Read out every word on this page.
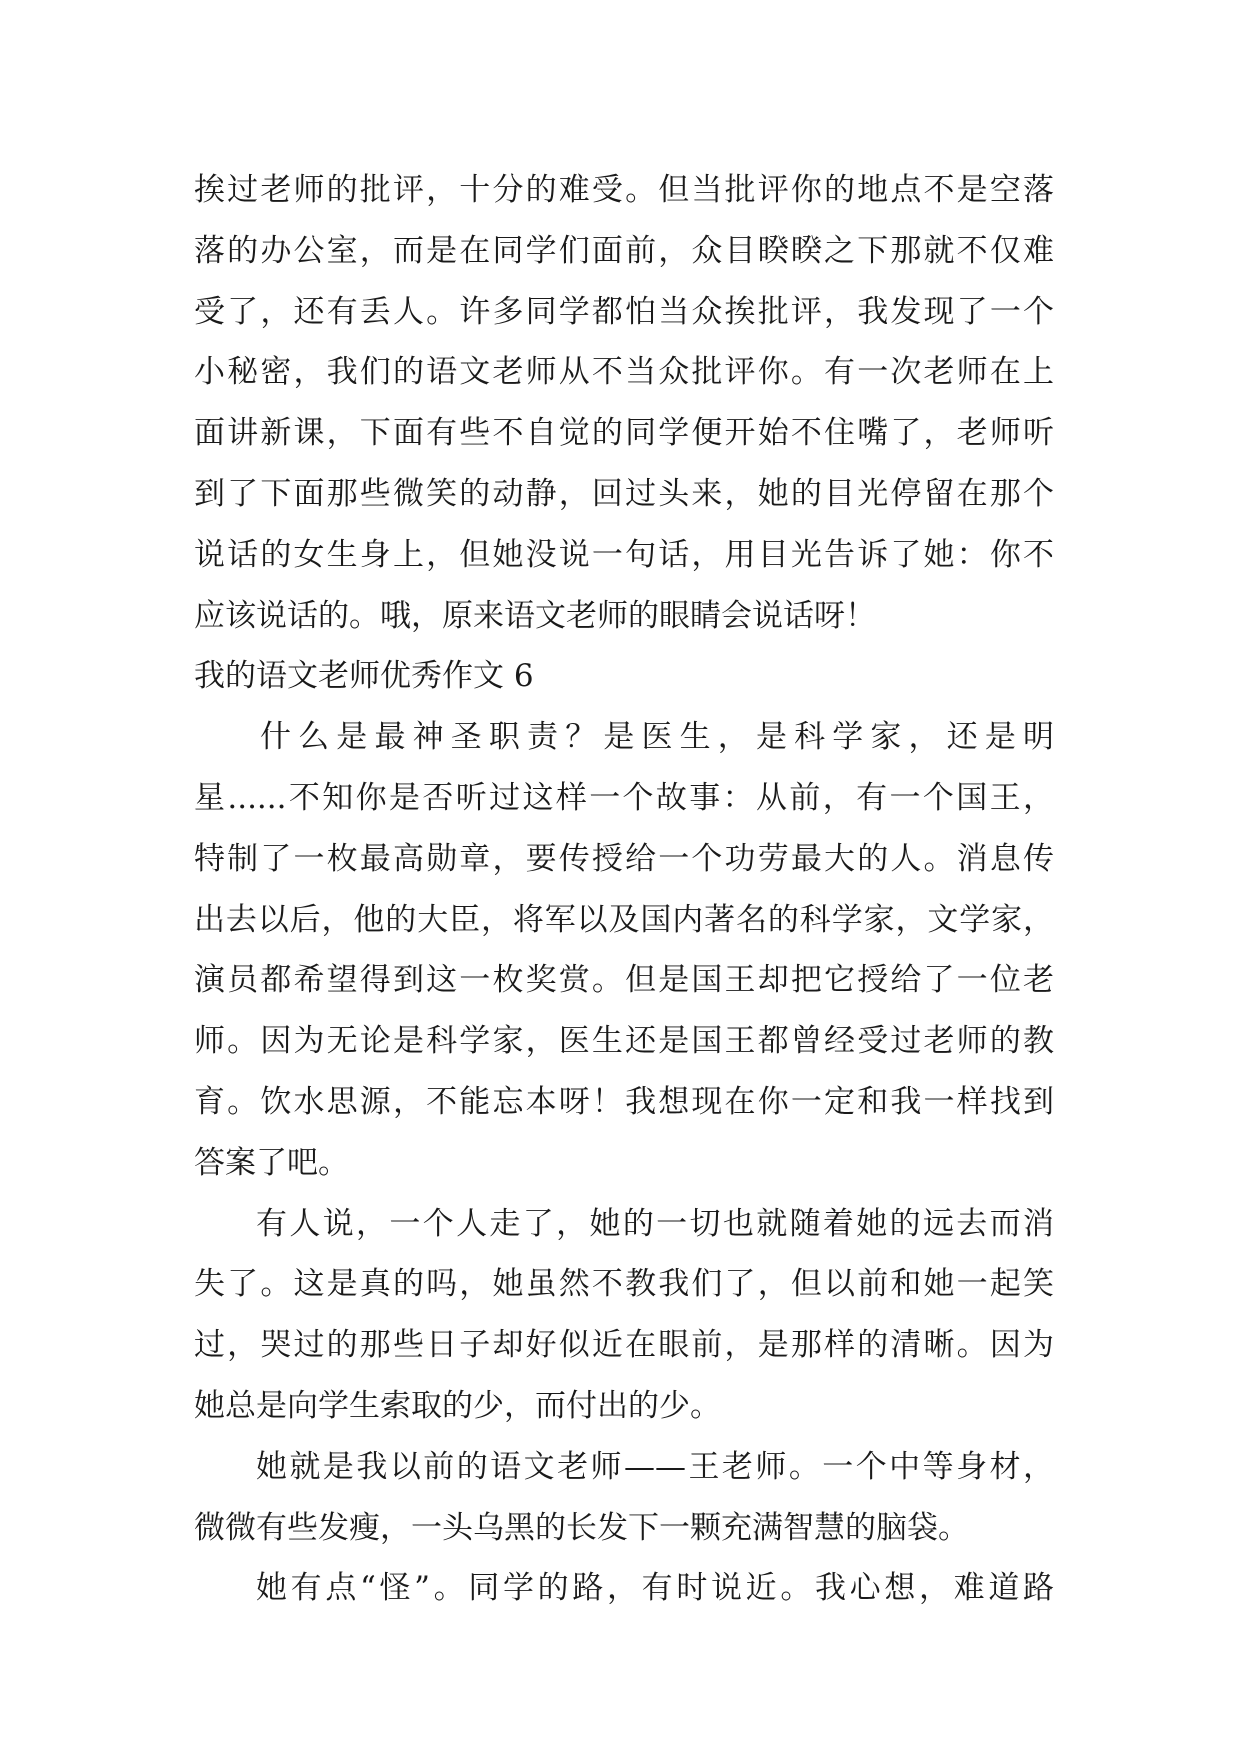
挨过老师的批评，十分的难受。但当批评你的地点不是空落
落的办公室，而是在同学们面前，众目睽睽之下那就不仅难
受了，还有丢人。许多同学都怕当众挨批评，我发现了一个
小秘密，我们的语文老师从不当众批评你。有一次老师在上
面讲新课，下面有些不自觉的同学便开始不住嘴了，老师听
到了下面那些微笑的动静，回过头来，她的目光停留在那个
说话的女生身上，但她没说一句话，用目光告诉了她：你不
应该说话的。哦，原来语文老师的眼睛会说话呀！
我的语文老师优秀作文 6
什么是最神圣职责？是医生，是科学家，还是明
星......不知你是否听过这样一个故事：从前，有一个国王，
特制了一枚最高勋章，要传授给一个功劳最大的人。消息传
出去以后，他的大臣，将军以及国内著名的科学家，文学家，
演员都希望得到这一枚奖赏。但是国王却把它授给了一位老
师。因为无论是科学家，医生还是国王都曾经受过老师的教
育。饮水思源，不能忘本呀！我想现在你一定和我一样找到
答案了吧。
有人说，一个人走了，她的一切也就随着她的远去而消
失了。这是真的吗，她虽然不教我们了，但以前和她一起笑
过，哭过的那些日子却好似近在眼前，是那样的清晰。因为
她总是向学生索取的少，而付出的少。
她就是我以前的语文老师——王老师。一个中等身材，
微微有些发瘦，一头乌黑的长发下一颗充满智慧的脑袋。
她有点“怪”。同学的路，有时说近。我心想，难道路
